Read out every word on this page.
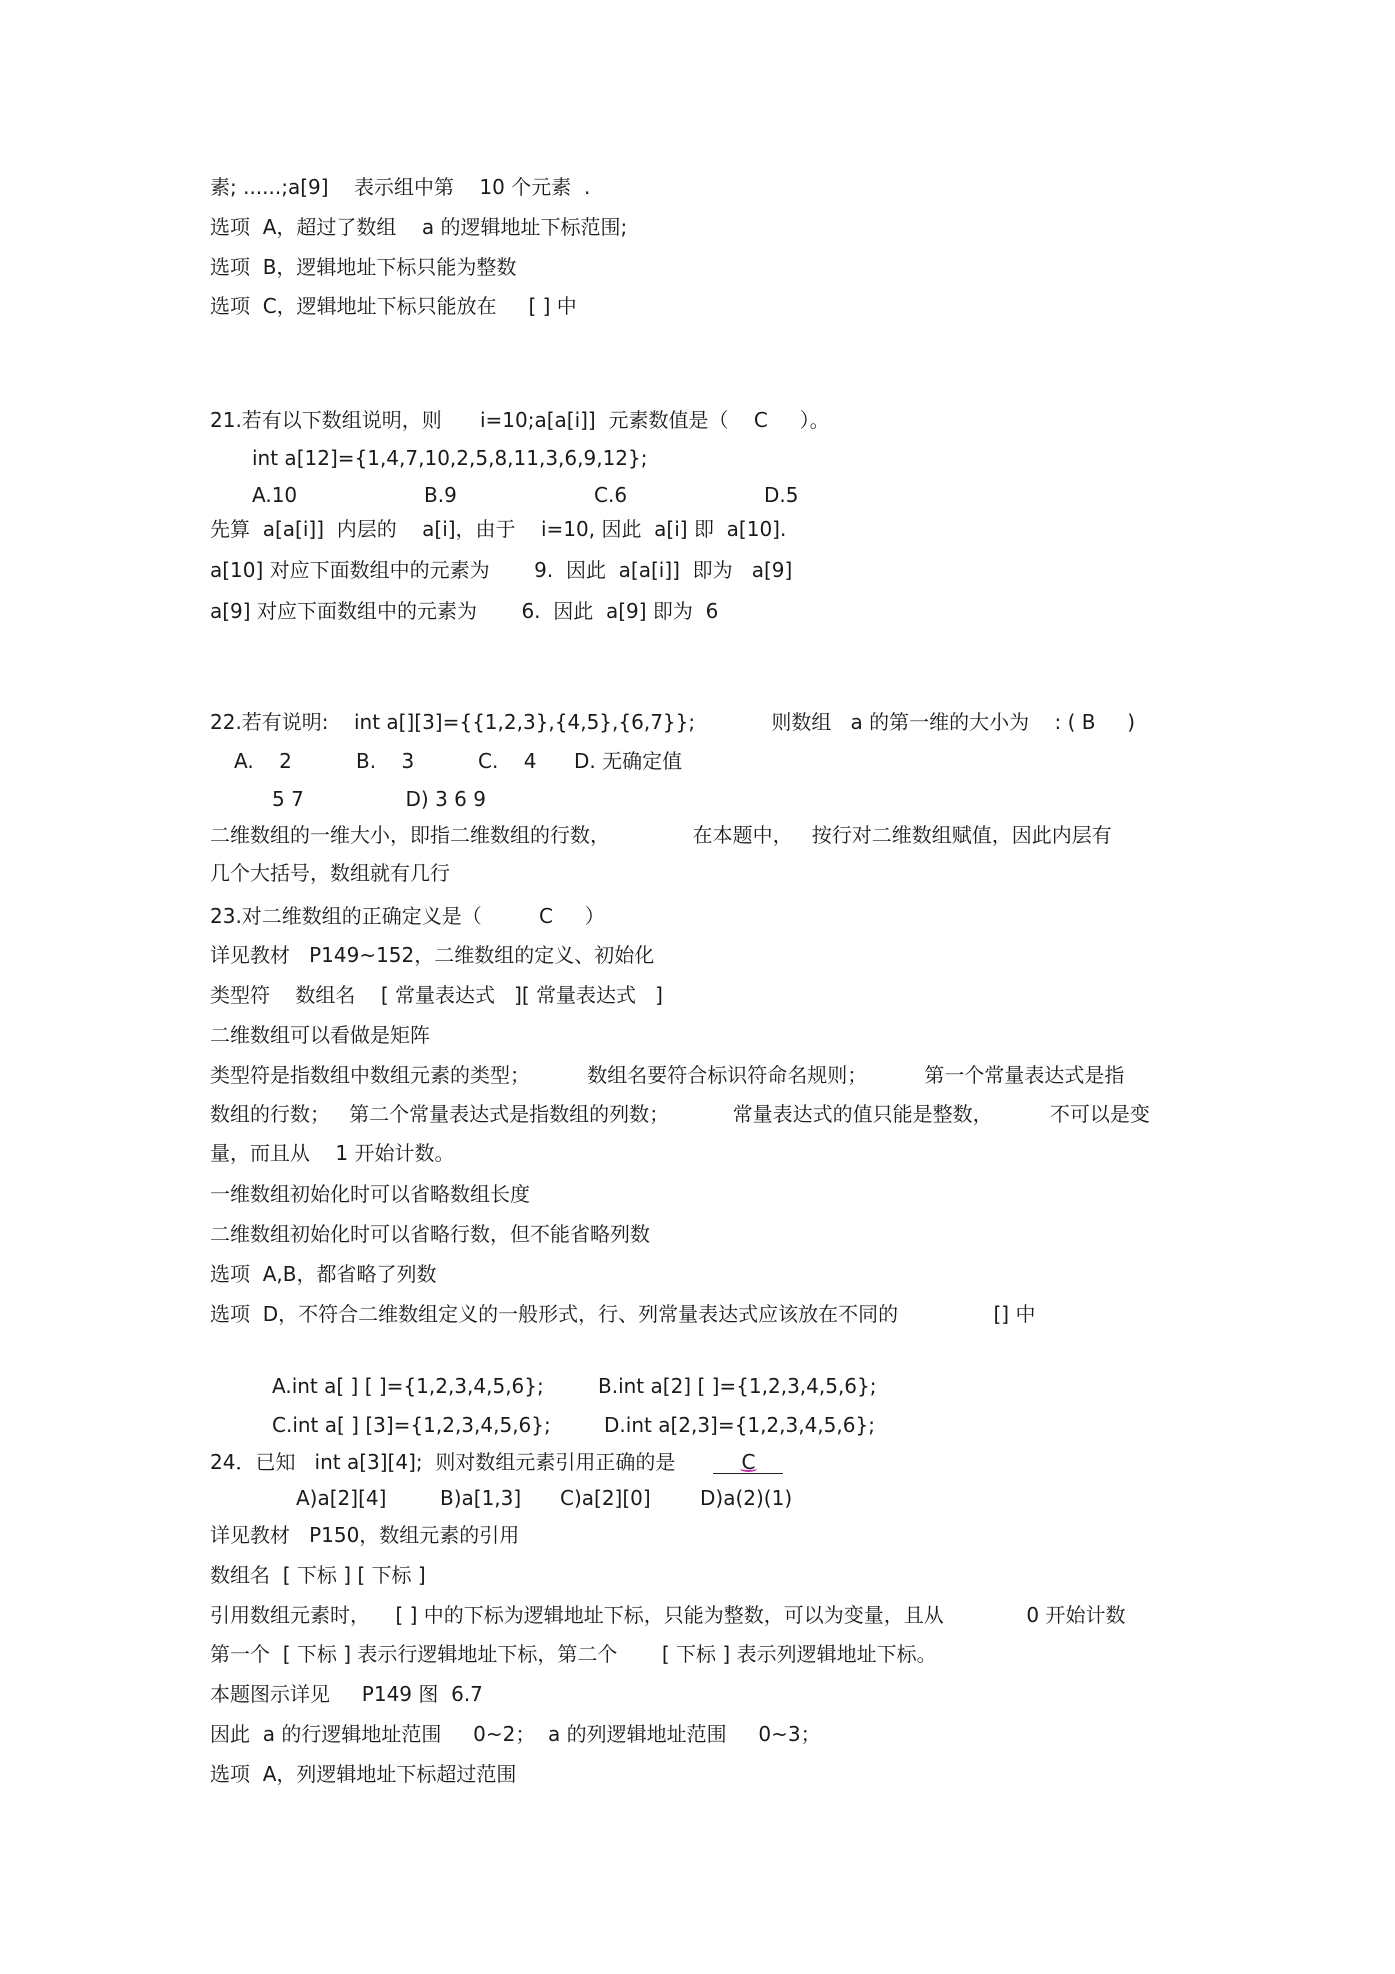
素; ......;a[9]    表示组中第    10 个元素  .

选项  A，超过了数组    a 的逻辑地址下标范围;

选项  B，逻辑地址下标只能为整数

选项  C，逻辑地址下标只能放在     [ ] 中

21.若有以下数组说明，则      i=10;a[a[i]]  元素数值是（    C     ）。

int a[12]={1,4,7,10,2,5,8,11,3,6,9,12};

A.10	B.9	C.6	D.5

先算  a[a[i]]  内层的    a[i]，由于    i=10, 因此  a[i] 即  a[10].

a[10] 对应下面数组中的元素为       9.  因此  a[a[i]]  即为   a[9]

a[9] 对应下面数组中的元素为       6.  因此  a[9] 即为  6

22.若有说明:    int a[][3]={{1,2,3},{4,5},{6,7}};            则数组   a 的第一维的大小为    : ( B     )

A.    2	B.    3	C.    4 D. 无确定值

5 7                D) 3 6 9

二维数组的一维大小，即指二维数组的行数，             在本题中，   按行对二维数组赋值，因此内层有

几个大括号，数组就有几行

23.对二维数组的正确定义是（         C     ）

详见教材   P149~152，二维数组的定义、初始化

类型符    数组名    [ 常量表达式   ][ 常量表达式   ]

二维数组可以看做是矩阵

类型符是指数组中数组元素的类型；         数组名要符合标识符命名规则；         第一个常量表达式是指

数组的行数；   第二个常量表达式是指数组的列数；          常量表达式的值只能是整数，         不可以是变

量，而且从    1 开始计数。

一维数组初始化时可以省略数组长度

二维数组初始化时可以省略行数，但不能省略列数

选项  A,B，都省略了列数

选项  D，不符合二维数组定义的一般形式，行、列常量表达式应该放在不同的               [] 中

A.int a[ ] [ ]={1,2,3,4,5,6};	B.int a[2] [ ]={1,2,3,4,5,6};
C.int a[ ] [3]={1,2,3,4,5,6};	D.int a[2,3]={1,2,3,4,5,6};

24．已知   int a[3][4];  则对数组元素引用正确的是	C

A)a[2][4]	B)a[1,3] C)a[2][0] D)a(2)(1)

详见教材   P150，数组元素的引用

数组名  [ 下标 ] [ 下标 ]

引用数组元素时，    [ ] 中的下标为逻辑地址下标，只能为整数，可以为变量，且从             0 开始计数

第一个  [ 下标 ] 表示行逻辑地址下标，第二个       [ 下标 ] 表示列逻辑地址下标。

本题图示详见     P149 图  6.7

因此  a 的行逻辑地址范围     0~2；  a 的列逻辑地址范围     0~3；

选项  A，列逻辑地址下标超过范围
